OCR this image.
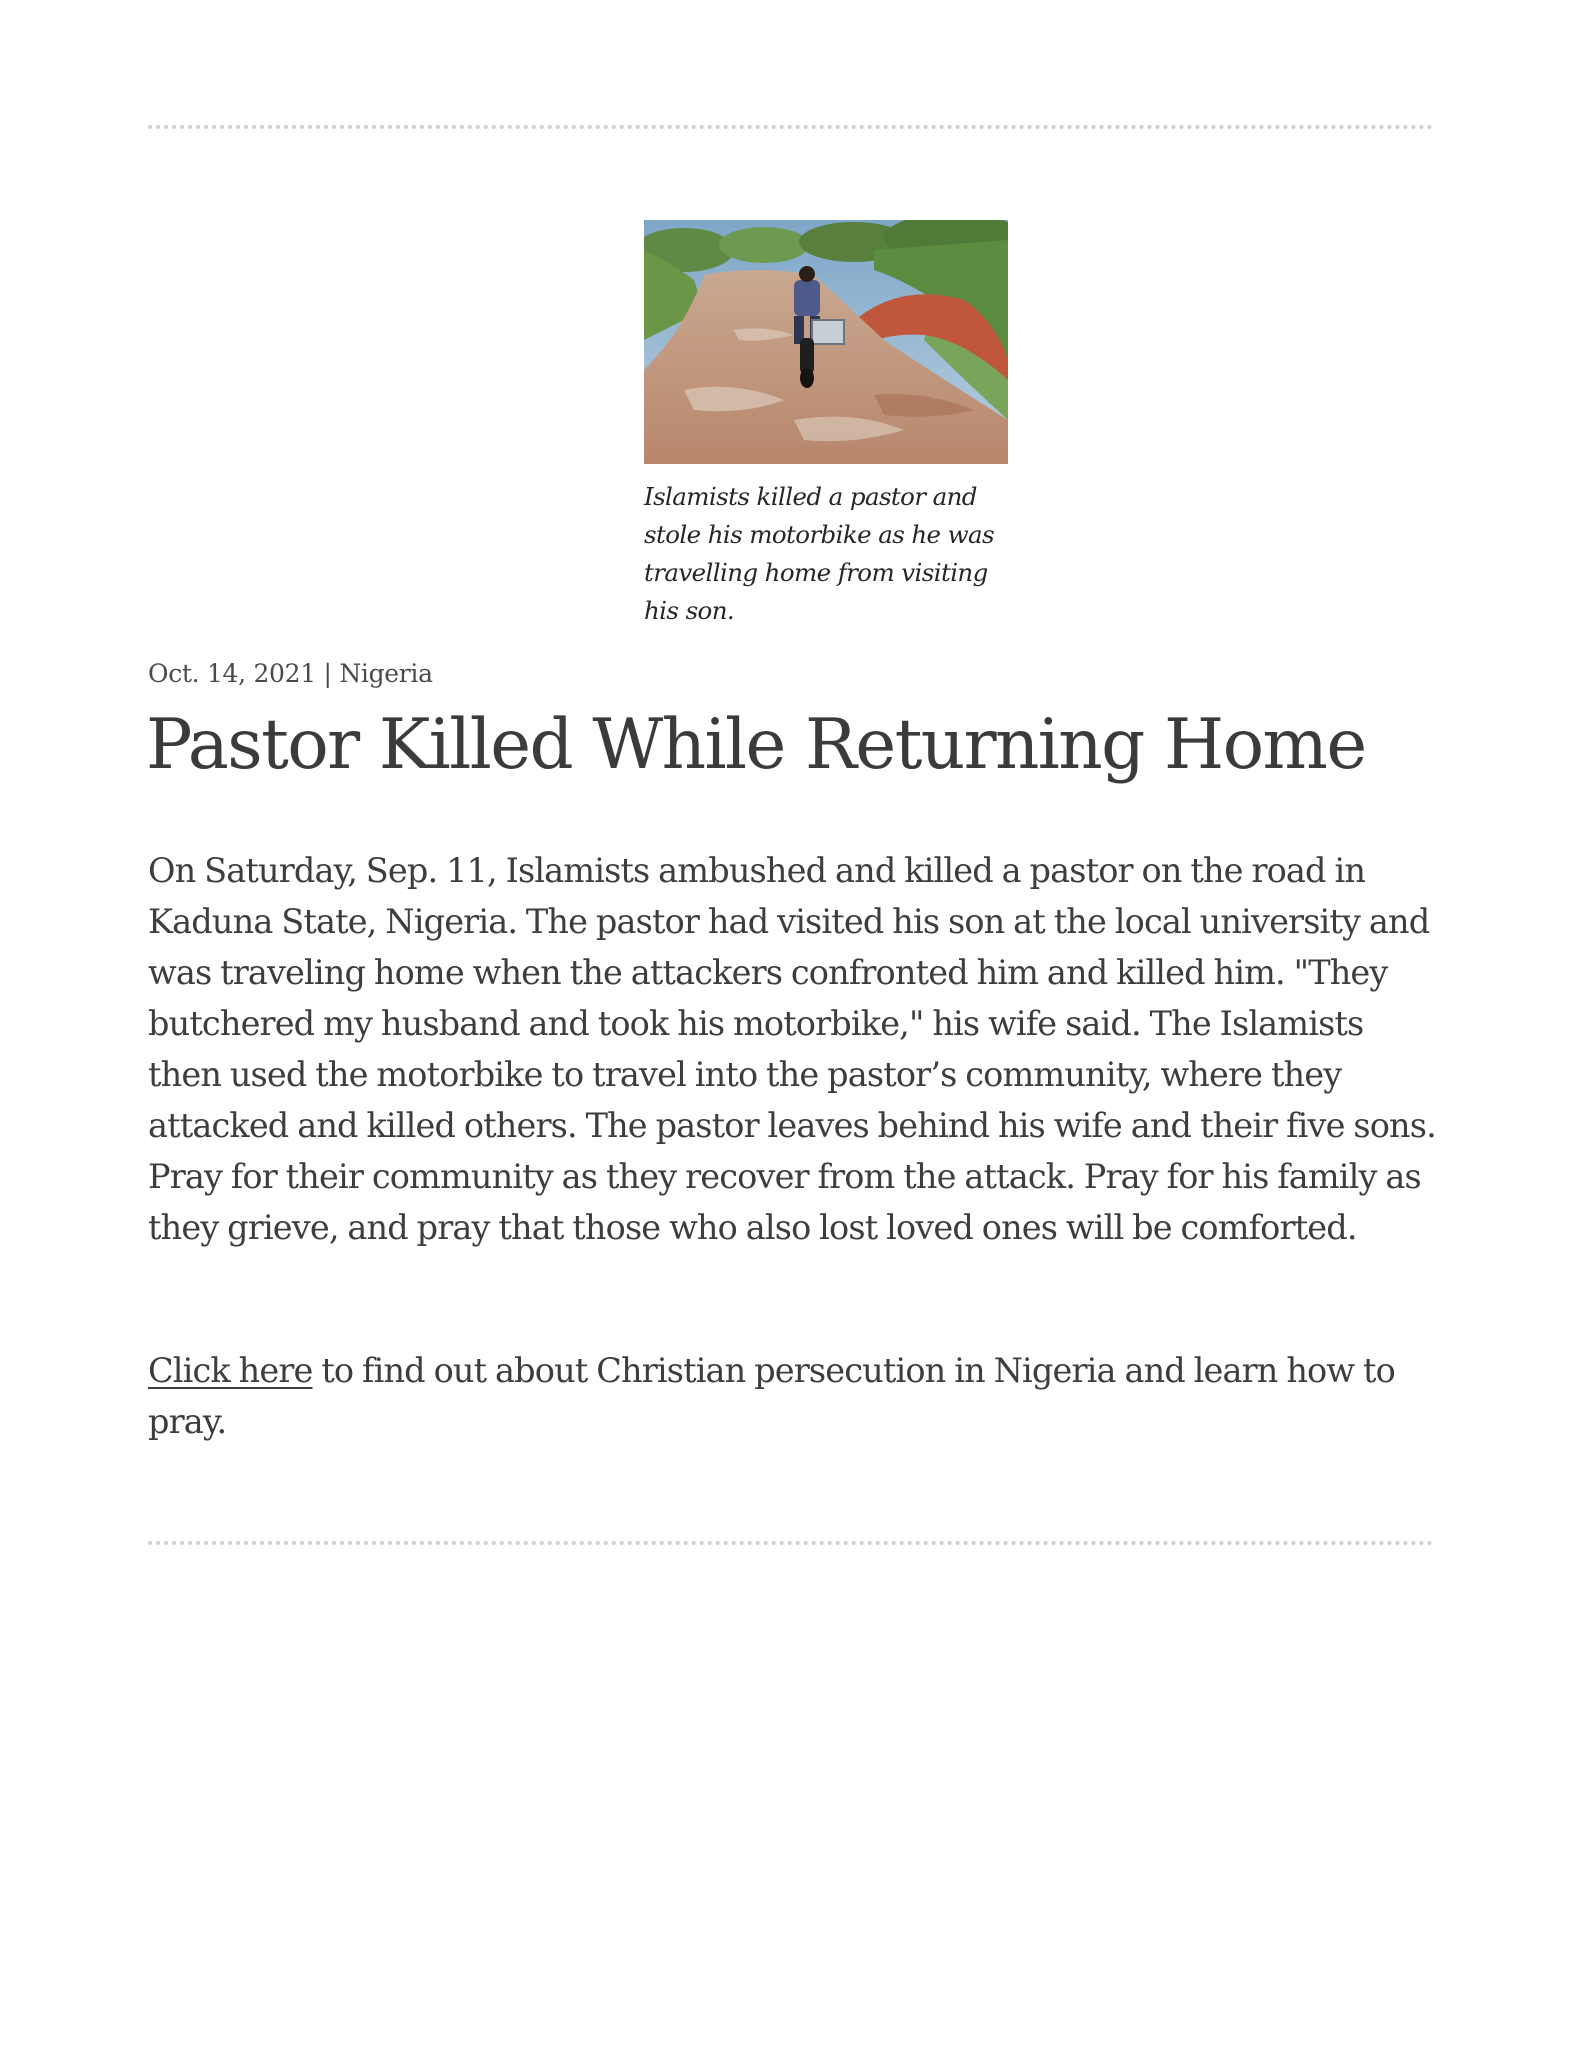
Islamists killed a pastor and stole his motorbike as he was travelling home from visiting his son.
Oct. 14, 2021 | Nigeria
Pastor Killed While Returning Home

On Saturday, Sep. 11, Islamists ambushed and killed a pastor on the road in Kaduna State, Nigeria. The pastor had visited his son at the local university and was traveling home when the attackers confronted him and killed him. "They butchered my husband and took his motorbike," his wife said. The Islamists then used the motorbike to travel into the pastor’s community, where they attacked and killed others. The pastor leaves behind his wife and their five sons. Pray for their community as they recover from the attack. Pray for his family as they grieve, and pray that those who also lost loved ones will be comforted.

Click here to find out about Christian persecution in Nigeria and learn how to pray.
